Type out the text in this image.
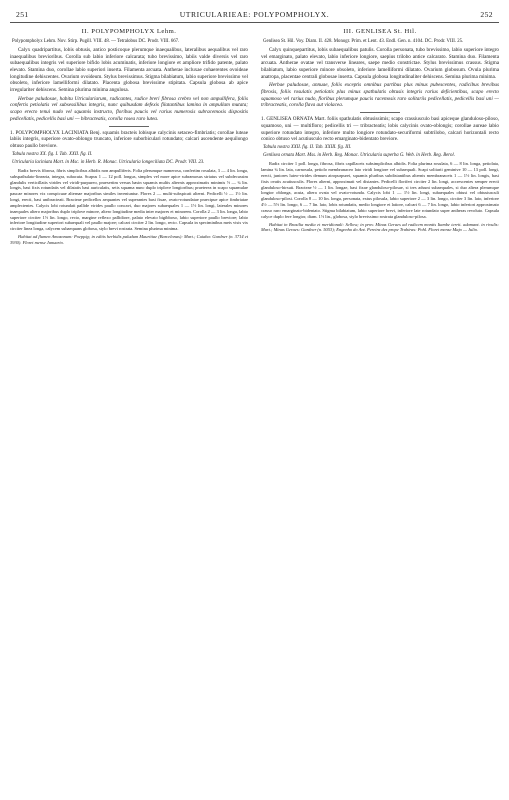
251	UTRICULARIEAE: POLYPOMPHOLYX.	252
II. POLYPOMPHOLYX Lehm.

Polypompholyx Lehm. Nov. Stirp. Pugill. VIII. 48. — Tetralobus DC. Prodr. VIII. 667.

Calyx quadripartitus, lobis obtusis, antico posticoque plerumque inaequalibus, lateralibus aequalibus vel raro inaequalibus brevioribus. Corolla sub labio inferiore calcarata; tubo brevissimo, labiis valde diversis vel raro subaequalibus integris vel superiore bifido lobis acuminatis, inferiore longiore et ampliore trifido patente, palato elevato. Stamina duo, corollae labio superiori inserta. Filamenta arcuata. Antherae incluxae cohaerentes ovoideae longitudine dehiscentes. Ovarium ovoideum. Stylus brevissimus. Stigma bilabiatum, labio superiore brevissimo vel obsoleto, inferiore lamelliformi dilatato. Placenta globosa brevissime stipitata. Capsula globosa ab apice irregulariter dehiscens. Semina plurima minima angulosa.

Herbae paludosae, habitu Utriculariarum, radicantes, radice breri fibrosa crebro vel non ampullifera, foliis confertis petiolatis vel subsessilibus integris, nunc quibusdam defexis filatantibus lamina in ampullam mutata; scapo erecto tenui nudo vel squamis instructo, floribus paucis vel rarius numerosis subracemosis dispositis pedicellatis, pedicellis basi uni — bibracteatis, corolla rosea raro lutea.

1. POLYPOMPHOLYX LACINIATA Benj. squamis bracteis lobisque calycinis setaceo-fimbriatis; corollae luteae labiis integris, superiore ovato-oblongo truncato, inferiore suborbiculari rotundato; calcari ascendente aequilongo obtuso paullo breviore.

Tabula nostra XX. fig. I. Tab. XXII. fig. II.

Utricularia laciniata Mart. in Msc. in Herb. R. Monac. Utricularia longeciliata DC. Prodr. VIII. 23.

Radix brevis fibrosa, fibris simplicibus albidis non ampulliferis. Folia plerumque numerosa, confertim rosulata, 3 — 4 lin. longa, subspathulato-linearia, integra, subacuta. Scapus 1 — 12 poll. longus, simplex vel more apice subramosus striatus vel subdecussim glandulis verticillatis virides vel viridi-purpureo, praesertim versus basin squamis multis alternis approximatis minimis ½ — ¾ lin. longis, basi fixis rotundatis vel dilatatis basi auriculatis, setis squama nunc duplo triplove longioribus; praeterea in scapo squamulae paucae minores vix conspicuae alternae majoribus similes inveniuntur. Flores 2 — multi-subspicati alterni. Pedicelli ½ — 1½ lin. longi, erecti, basi unibracteati. Bracteae pedicellos aequantes vel superantes basi fixae, ovato-rotundatae praecipue apice fimbriatae amplectentes. Calycis lobi rotundati pallide virides paullo concavi, duo majores subaequales 1 — 1½ lin. longi, laterales minores inaequales altero majoribus duplo triplove minore, altero longitudine media inter majores et minorem. Corolla 2 — 3 lin. longa, labio superiore circiter 1½ lin. longo, recto, margine reflexo pallidiore, palato elevato bigibboso, labio superiore paullo breviore; labio inferiore longitudine superiori subaequali vel paullo majore; calcari circiter 2 lin. longo, recto. Capsula in speciminibus meis visis vix circiter linea longa, calycem subaequans globosa, stylo brevi rostrata. Semina plurima minima.

Habitat ad flumen Amazonum: Poeppig; in editis herbidis paludum Mauritiae (Barcelonas): Mart.; Cuiaba: Gardner (n. 3714 et 3930). Floret mense Januario.

III. GENLISEA St. Hil.

Genlisea St. Hil. Voy. Diam. II. 428. Monogr. Prim. et Lent. 43. Endl. Gen. n. 4104. DC. Prodr. VIII. 25.

Calyx quinquepartitus, lobis subaequalibus patulis. Corolla personata, tubo brevissimo, labio superiore integro vel emarginato, palato elevato, labio inferiore longiore, saepius trilobo antice calcarato. Stamina duo. Filamenta arcuata. Antherae ovatae vel transverse lineares, saepe medio constrictae. Stylus brevissimus crassus. Stigma bilabiatum, labio superiore minore obsoleto, inferiore lamelliformi dilatato. Ovarium globosum. Ovula plurima anatropa, placentae centrali globosae inserta. Capsula globosa longitudinaliter dehiscens. Semina plurima minima.

Herbae paludosae, annuae, foliis exceptis omnibus partibus plus minus pubescentes, radicibus brevibus fibrosis, foliis rosulatis petiolatis plus minus spathulatis obtusis integris rarius deficientibus, scapo erecto squamoso vel rarius nudo, floribus plerumque paucis racemosis raro solitariis pedicellatis, pedicellis basi uni — tribracteatis, corolla flava aut violacea.

1. GENLISEA ORNATA Mart. foliis spathulatis obtusissimis; scapo crassiusculo basi apiceque glanduloso-piloso, squamoso, uni — multifloro; pedicellis tri — tribracteatis; lobis calycinis ovato-oblongis; corollae aureae labio superiore rotundato integro, inferiore multo longiore rotundato-securiformi subtrilobo, calcari horizontali recto conico obtuso vel acutiusculo recto emarginato-bidentato breviore.

Tabula nostra XXII. fig. II. Tab. XXIII. fig. III.

Genlisea ornata Mart. Mss. in Herb. Reg. Monac. Utricularia superba G. Web. in Herb. Reg. Berol.

Radix circiter 1 poll. longa, fibrosa, fibris capillaceis subsimplicibus albidis. Folia plurima rosulata, 6 — 8 lin. longa, petiolata, lamina ¾ lin. lata, carnosula, petiolo membranaceo lato viridi longiore vel subaequali. Scapi solitarii geminive 10 — 13 poll. longi, erecti, juniores luteo-virides demum atropurpurei, squamis pluribus subdistantibus alternis membranaceis 1 — 1½ lin. longis, basi fixis ovatis acutiusculis. Flores alterni, approximati vel distantes. Pedicelli floriferi circiter 2 lin. longi, accrescentes semper erecti glanduloso-hirsuti. Bracteae ½ — 1 lin. longae, basi fixae glanduloso-pilosae, si tres adsunt subaequales, si duo altera plerumque longior oblonga, acuta, altera ovata vel ovato-rotunda. Calycis lobi 1 — 1½ lin. longi, subaequales obtusi vel obtusiusculi glanduloso-pilosi. Corolla 8 — 10 lin. longa, personata, extus pilosula, labio superiore 2 — 3 lin. longo, circiter 3 lin. lato, inferiore 4½ — 5½ lin. longo, 6 — 7 lin. lato, lobis rotundatis, medio longiore et latiore, calcari 6 — 7 lin. longo, labio inferiori approximato crasso raro emarginato-bidentato. Stigma bilabiatum, labio superiore brevi, inferiore late rotundato super antheras revoluto. Capsula calyce duplo fere longior, diam. 1½ lin., globosa, stylo brevissimo rostrata glanduloso-pilosa.

Habitat in Brasilia media et meridionali: Sellow; in prov. Minas Geraes ad radicem montis Itambe territ. adamant. in rivulis: Mart.; Minas Geraes: Gardner (n. 5053); Engenho do Ant. Pereira des prope Trahiras: Pohl. Floret mense Majo — Julio.
